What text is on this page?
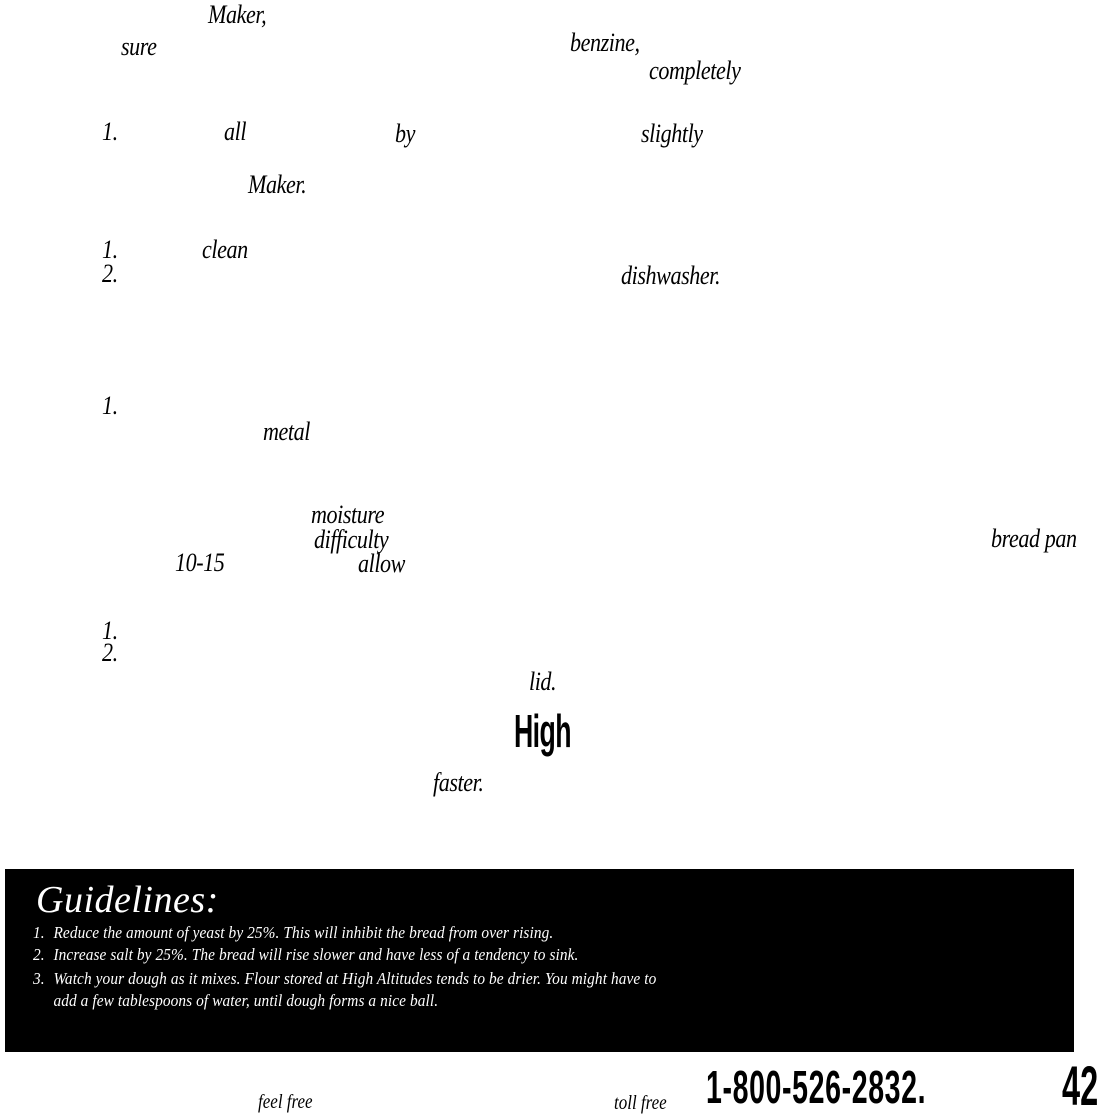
Maker,
sure	benzine,
completely
1.	all	by	slightly
Maker.
1.	clean
2.	dishwasher.
1.
metal
moisture
difficulty	bread pan
10-15	allow
1.
2.
lid.
High
faster.
Guidelines:
1. Reduce the amount of yeast by 25%. This will inhibit the bread from over rising.
2. Increase salt by 25%. The bread will rise slower and have less of a tendency to sink.
3. Watch your dough as it mixes. Flour stored at High Altitudes tends to be drier. You might have to
add a few tablespoons of water, until dough forms a nice ball.
feel free	toll free 1-800-526-2832. 42
